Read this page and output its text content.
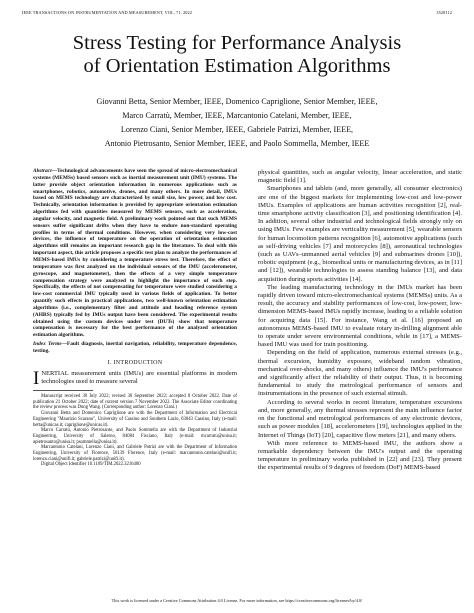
IEEE TRANSACTIONS ON INSTRUMENTATION AND MEASUREMENT, VOL. 71, 2022	3528112
Stress Testing for Performance Analysis
of Orientation Estimation Algorithms
Giovanni Betta, Senior Member, IEEE, Domenico Capriglione, Senior Member, IEEE,
Marco Carratù, Member, IEEE, Marcantonio Catelani, Member, IEEE,
Lorenzo Ciani, Senior Member, IEEE, Gabriele Patrizi, Member, IEEE,
Antonio Pietrosanto, Senior Member, IEEE, and Paolo Sommella, Member, IEEE

Abstract—Technological advancements have seen the spread of micro-electromechanical systems (MEMSs) based sensors such as inertial measurement unit (IMU) systems. The latter provide object orientation information in numerous applications such as smartphones, robotics, automotive, drones, and many others. In more detail, IMUs based on MEMS technology are characterized by small size, low power, and low cost. Technically, orientation information is provided by appropriate orientation estimation algorithms fed with quantities measured by MEMS sensors, such as acceleration, angular velocity, and magnetic field. A preliminary work pointed out that such MEMS sensors suffer significant drifts when they have to endure non-standard operating profiles in terms of thermal conditions. However, when considering very low-cost devices, the influence of temperature on the operation of orientation estimation algorithms still remains an important research gap in the literature. To deal with this important aspect, this article proposes a specific test plan to analyze the performances of MEMS-based IMUs by considering a temperature stress test. Therefore, the effect of temperature was first analyzed on the individual sensors of the IMU (accelerometer, gyroscope, and magnetometer), then the effects of a very simple temperature compensation strategy were analyzed to highlight the importance of such step. Specifically, the effects of not compensating for temperature were studied considering a low-cost commercial IMU typically used in various fields of application. To better quantify such effects in practical applications, two well-known orientation estimation algorithms (i.e., complementary filter and attitude and heading reference system (AHRS) typically fed by IMUs output have been considered. The experimental results obtained using the custom devices under test (DUTs) show that temperature compensation is necessary for the best performance of the analyzed orientation estimation algorithms.

Index Terms—Fault diagnosis, inertial navigation, reliability, temperature dependence, testing.

I. INTRODUCTION

INERTIAL measurement units (IMUs) are essential platforms in modern technologies used to measure several

Manuscript received 30 July 2022; revised 30 September 2022; accepted 8 October 2022. Date of publication 21 October 2022; date of current version 7 November 2022. The Associate Editor coordinating the review process was Dong Wang. (Corresponding author: Lorenzo Ciani.)

Giovanni Betta and Domenico Capriglione are with the Department of Information and Electrical Engineering "Maurizio Scarano", University of Cassino and Southern Lazio, 03043 Cassino, Italy (e-mail: betta@unicas.it; capriglione@unicas.it).

Marco Carratù, Antonio Pietrosanto, and Paolo Sommella are with the Department of Industrial Engineering, University of Salerno, 84084 Fisciano, Italy (e-mail: mcarratu@unisa.it; apietrosanto@unisa.it; psommella@unisa.it).

Marcantonio Catelani, Lorenzo Ciani, and Gabriele Patrizi are with the Department of Information Engineering, University of Florence, 50139 Florence, Italy (e-mail: marcantonio.catelani@unifi.it; lorenzo.ciani@unifi.it; gabriele.patrizi@unifi.it).

Digital Object Identifier 10.1109/TIM.2022.3216400

physical quantities, such as angular velocity, linear acceleration, and static magnetic field [1].

Smartphones and tablets (and, more generally, all consumer electronics) are one of the biggest markets for implementing low-cost and low-power IMUs. Examples of applications are human activities recognition [2], real-time smartphone activity classification [3], and positioning identification [4]. In addition, several other industrial and technological fields strongly rely on using IMUs. Few examples are verticality measurement [5], wearable sensors for human locomotion patterns recognition [6], automotive applications (such as self-driving vehicles [7] and motorcycles [8]), aeronautical technologies (such as UAVs–unmanned aerial vehicles [9] and submarines drones [10]), robotic equipment (e.g., biomedical units or manufacturing devices, as in [11] and [12]), wearable technologies to assess standing balance [13], and data acquisition during sports activities [14].

The leading manufacturing technology in the IMUs market has been rapidly driven toward micro-electromechanical systems (MEMSs) units. As a result, the accuracy and stability performances of low-cost, low-power, low-dimension MEMS-based IMUs rapidly increase, leading to a reliable solution for acquiring data [15]. For instance, Wang et al. [16] proposed an autonomous MEMS-based IMU to evaluate rotary in-drilling alignment able to operate under severe environmental conditions, while in [17], a MEMS-based IMU was used for train positioning.

Depending on the field of application, numerous external stresses (e.g., thermal excursion, humidity exposure, wideband random vibration, mechanical over-shocks, and many others) influence the IMU's performance and significantly affect the reliability of their output. Thus, it is becoming fundamental to study the metrological performance of sensors and instrumentations in the presence of such external stimuli.

According to several works in recent literature, temperature excursions and, more generally, any thermal stresses represent the main influence factor on the functional and metrological performances of any electronic devices, such as power modules [18], accelerometers [19], technologies applied in the Internet of Things (IoT) [20], capacitive flow meters [21], and many others.

With more reference to MEMS-based IMU, the authors show a remarkable dependency between the IMU's output and the operating temperature in preliminary works published in [22] and [23]. They present the experimental results of 9 degrees of freedom (DoF) MEMS-based

This work is licensed under a Creative Commons Attribution 4.0 License. For more information, see https://creativecommons.org/licenses/by/4.0/
